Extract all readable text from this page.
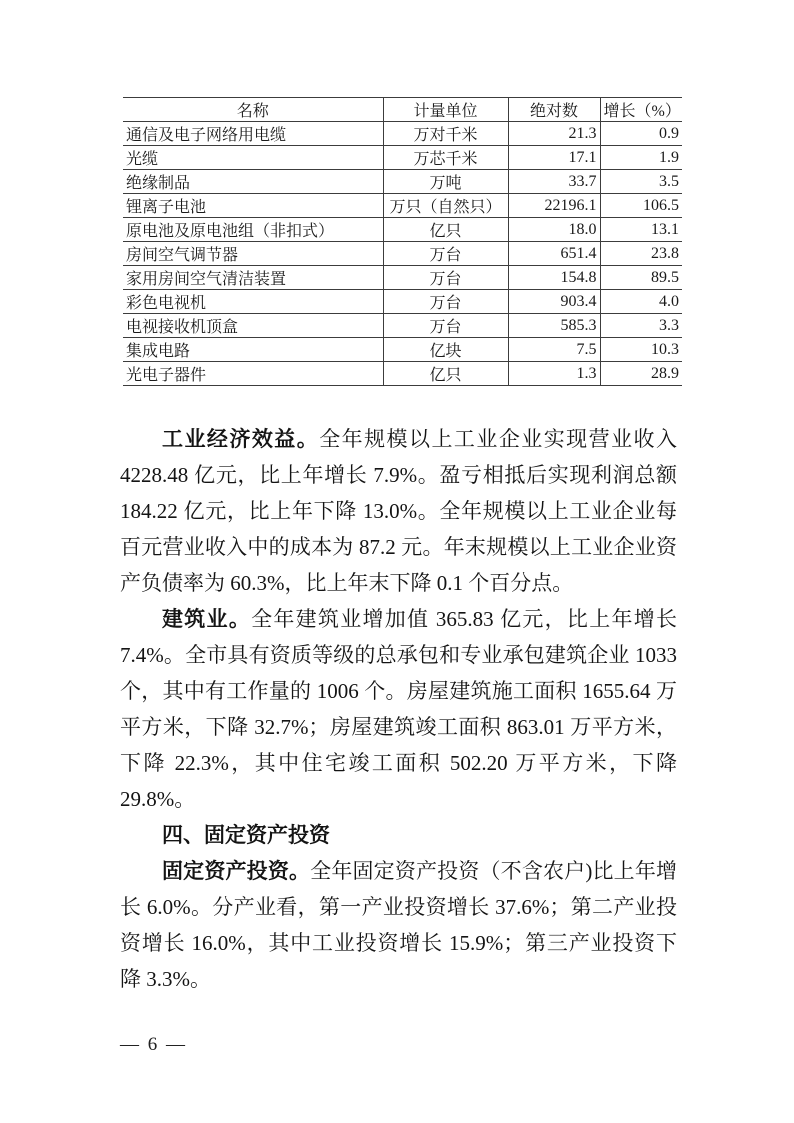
名称	计量单位	绝对数	增长（%）
通信及电子网络用电缆	万对千米	21.3	0.9
光缆	万芯千米	17.1	1.9
绝缘制品	万吨	33.7	3.5
锂离子电池	万只（自然只）	22196.1	106.5
原电池及原电池组（非扣式）	亿只	18.0	13.1
房间空气调节器	万台	651.4	23.8
家用房间空气清洁装置	万台	154.8	89.5
彩色电视机	万台	903.4	4.0
电视接收机顶盒	万台	585.3	3.3
集成电路	亿块	7.5	10.3
光电子器件	亿只	1.3	28.9

工业经济效益。全年规模以上工业企业实现营业收入 4228.48 亿元，比上年增长 7.9%。盈亏相抵后实现利润总额 184.22 亿元，比上年下降 13.0%。全年规模以上工业企业每百元营业收入中的成本为 87.2 元。年末规模以上工业企业资产负债率为 60.3%，比上年末下降 0.1 个百分点。

建筑业。全年建筑业增加值 365.83 亿元，比上年增长 7.4%。全市具有资质等级的总承包和专业承包建筑企业 1033 个，其中有工作量的 1006 个。房屋建筑施工面积 1655.64 万平方米，下降 32.7%；房屋建筑竣工面积 863.01 万平方米，下降 22.3%，其中住宅竣工面积 502.20 万平方米，下降 29.8%。

四、固定资产投资

固定资产投资。全年固定资产投资（不含农户)比上年增长 6.0%。分产业看，第一产业投资增长 37.6%；第二产业投资增长 16.0%，其中工业投资增长 15.9%；第三产业投资下降 3.3%。

— 6 —
